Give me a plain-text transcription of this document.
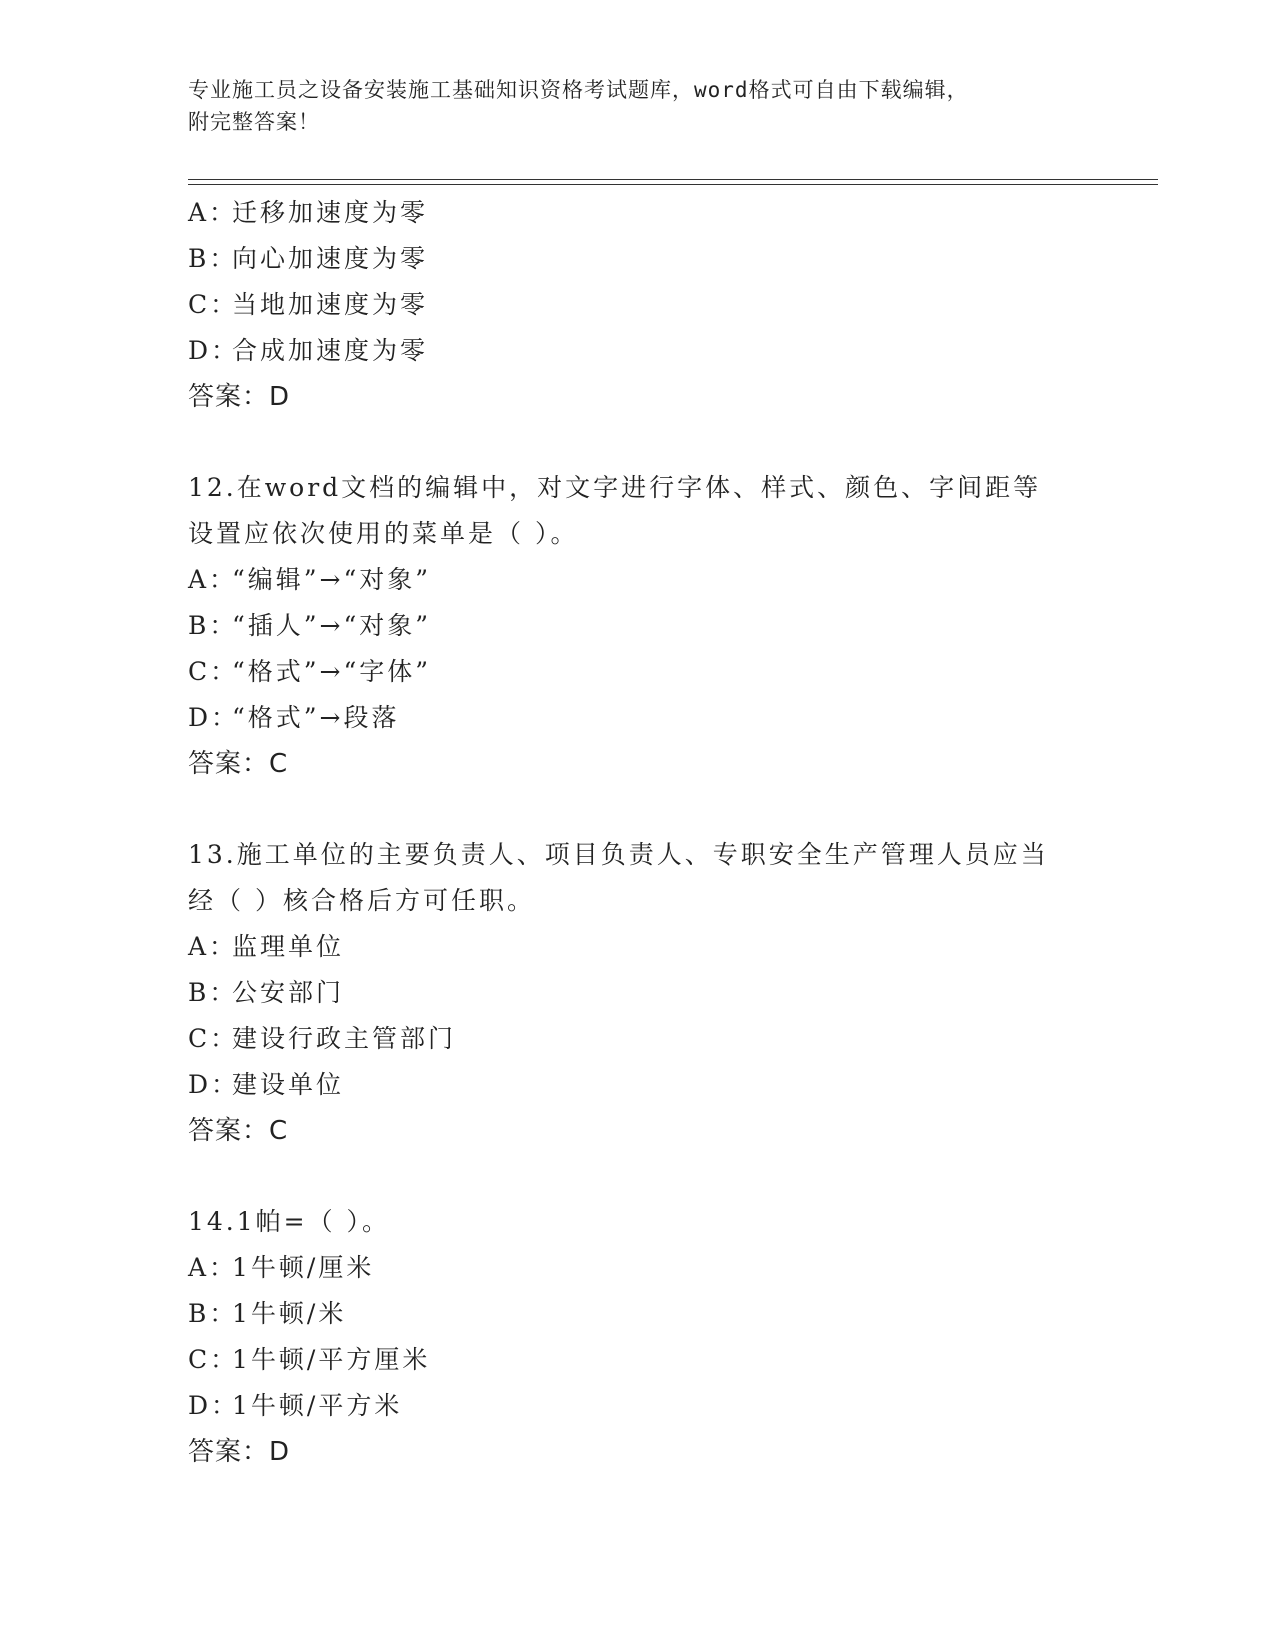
专业施工员之设备安装施工基础知识资格考试题库，word格式可自由下载编辑，
附完整答案！
A：迁移加速度为零
B：向心加速度为零
C：当地加速度为零
D：合成加速度为零
答案：D
12.在word文档的编辑中，对文字进行字体、样式、颜色、字间距等
设置应依次使用的菜单是（ ）。
A：“编辑”→“对象”
B：“插人”→“对象”
C：“格式”→“字体”
D：“格式”→段落
答案：C
13.施工单位的主要负责人、项目负责人、专职安全生产管理人员应当
经（ ）核合格后方可任职。
A：监理单位
B：公安部门
C：建设行政主管部门
D：建设单位
答案：C
14.1帕=（ ）。
A：1牛顿/厘米
B：1牛顿/米
C：1牛顿/平方厘米
D：1牛顿/平方米
答案：D
